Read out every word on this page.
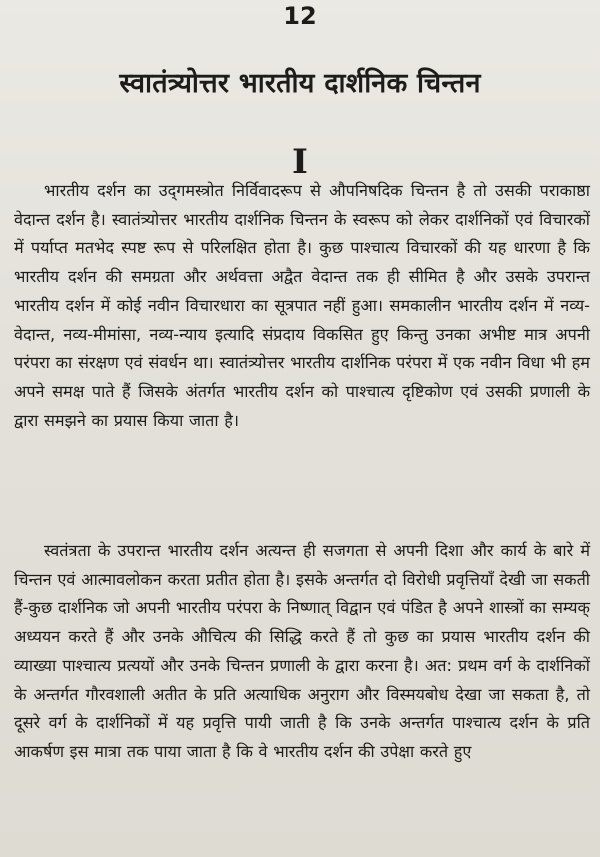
12
स्वातंत्र्योत्तर भारतीय दार्शनिक चिन्तन
I

भारतीय दर्शन का उद्‌गमस्त्रोत निर्विवादरूप से औपनिषदिक चिन्तन है तो उसकी पराकाष्ठा वेदान्त दर्शन है। स्वातंत्र्योत्तर भारतीय दार्शनिक चिन्तन के स्वरूप को लेकर दार्शनिकों एवं विचारकों में पर्याप्त मतभेद स्पष्ट रूप से परिलक्षित होता है। कुछ पाश्चात्य विचारकों की यह धारणा है कि भारतीय दर्शन की समग्रता और अर्थवत्ता अद्वैत वेदान्त तक ही सीमित है और उसके उपरान्त भारतीय दर्शन में कोई नवीन विचारधारा का सूत्रपात नहीं हुआ। समकालीन भारतीय दर्शन में नव्य-वेदान्त, नव्य-मीमांसा, नव्य-न्याय इत्यादि संप्रदाय विकसित हुए किन्तु उनका अभीष्ट मात्र अपनी परंपरा का संरक्षण एवं संवर्धन था। स्वातंत्र्योत्तर भारतीय दार्शनिक परंपरा में एक नवीन विधा भी हम अपने समक्ष पाते हैं जिसके अंतर्गत भारतीय दर्शन को पाश्चात्य दृष्टिकोण एवं उसकी प्रणाली के द्वारा समझने का प्रयास किया जाता है।

स्वतंत्रता के उपरान्त भारतीय दर्शन अत्यन्त ही सजगता से अपनी दिशा और कार्य के बारे में चिन्तन एवं आत्मावलोकन करता प्रतीत होता है। इसके अन्तर्गत दो विरोधी प्रवृत्तियाँ देखी जा सकती हैं-कुछ दार्शनिक जो अपनी भारतीय परंपरा के निष्णात् विद्वान एवं पंडित है अपने शास्त्रों का सम्यक् अध्ययन करते हैं और उनके औचित्य की सिद्धि करते हैं तो कुछ का प्रयास भारतीय दर्शन की व्याख्या पाश्चात्य प्रत्ययों और उनके चिन्तन प्रणाली के द्वारा करना है। अत: प्रथम वर्ग के दार्शनिकों के अन्तर्गत गौरवशाली अतीत के प्रति अत्याधिक अनुराग और विस्मयबोध देखा जा सकता है, तो दूसरे वर्ग के दार्शनिकों में यह प्रवृत्ति पायी जाती है कि उनके अन्तर्गत पाश्चात्य दर्शन के प्रति आकर्षण इस मात्रा तक पाया जाता है कि वे भारतीय दर्शन की उपेक्षा करते हुए
